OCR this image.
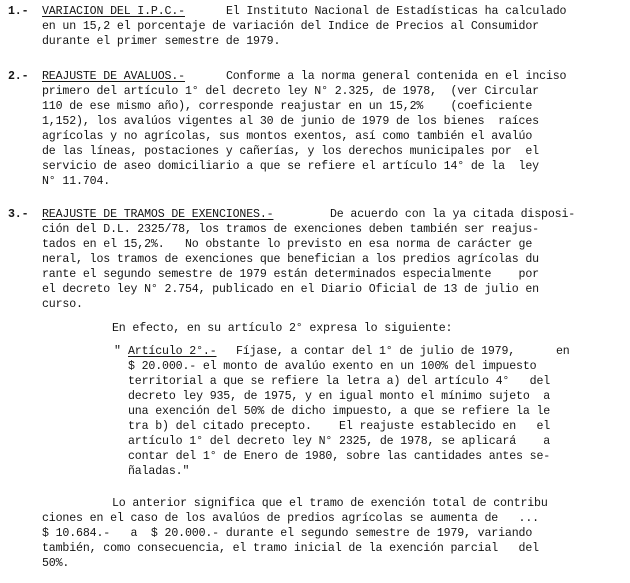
1.- VARIACION DEL I.P.C.-	El Instituto Nacional de Estadísticas ha calculado
en un 15,2 el porcentaje de variación del Indice de Precios al Consumidor
durante el primer semestre de 1979.
2.- REAJUSTE DE AVALUOS.-	Conforme a la norma general contenida en el inciso
primero del artículo 1° del decreto ley N° 2.325, de 1978,  (ver Circular
110 de ese mismo año), corresponde reajustar en un 15,2%    (coeficiente
1,152), los avalúos vigentes al 30 de junio de 1979 de los bienes  raíces
agrícolas y no agrícolas, sus montos exentos, así como también el avalúo
de las líneas, postaciones y cañerías, y los derechos municipales por  el
servicio de aseo domiciliario a que se refiere el artículo 14° de la  ley
N° 11.704.
3.- REAJUSTE DE TRAMOS DE EXENCIONES.-	De acuerdo con la ya citada disposi-
ción del D.L. 2325/78, los tramos de exenciones deben también ser reajus-
tados en el 15,2%.   No obstante lo previsto en esa norma de carácter ge
neral, los tramos de exenciones que benefician a los predios agrícolas du
rante el segundo semestre de 1979 están determinados especialmente    por
el decreto ley N° 2.754, publicado en el Diario Oficial de 13 de julio en
curso.
En efecto, en su artículo 2° expresa lo siguiente:
" Artículo 2°.- Fíjase, a contar del 1° de julio de 1979,      en
$ 20.000.- el monto de avalúo exento en un 100% del impuesto
territorial a que se refiere la letra a) del artículo 4°   del
decreto ley 935, de 1975, y en igual monto el mínimo sujeto  a
una exención del 50% de dicho impuesto, a que se refiere la le
tra b) del citado precepto.    El reajuste establecido en   el
artículo 1° del decreto ley N° 2325, de 1978, se aplicará    a
contar del 1° de Enero de 1980, sobre las cantidades antes se-
ñaladas."
Lo anterior significa que el tramo de exención total de contribu
ciones en el caso de los avalúos de predios agrícolas se aumenta de   ...
$ 10.684.-   a  $ 20.000.- durante el segundo semestre de 1979, variando
también, como consecuencia, el tramo inicial de la exención parcial   del
50%.
